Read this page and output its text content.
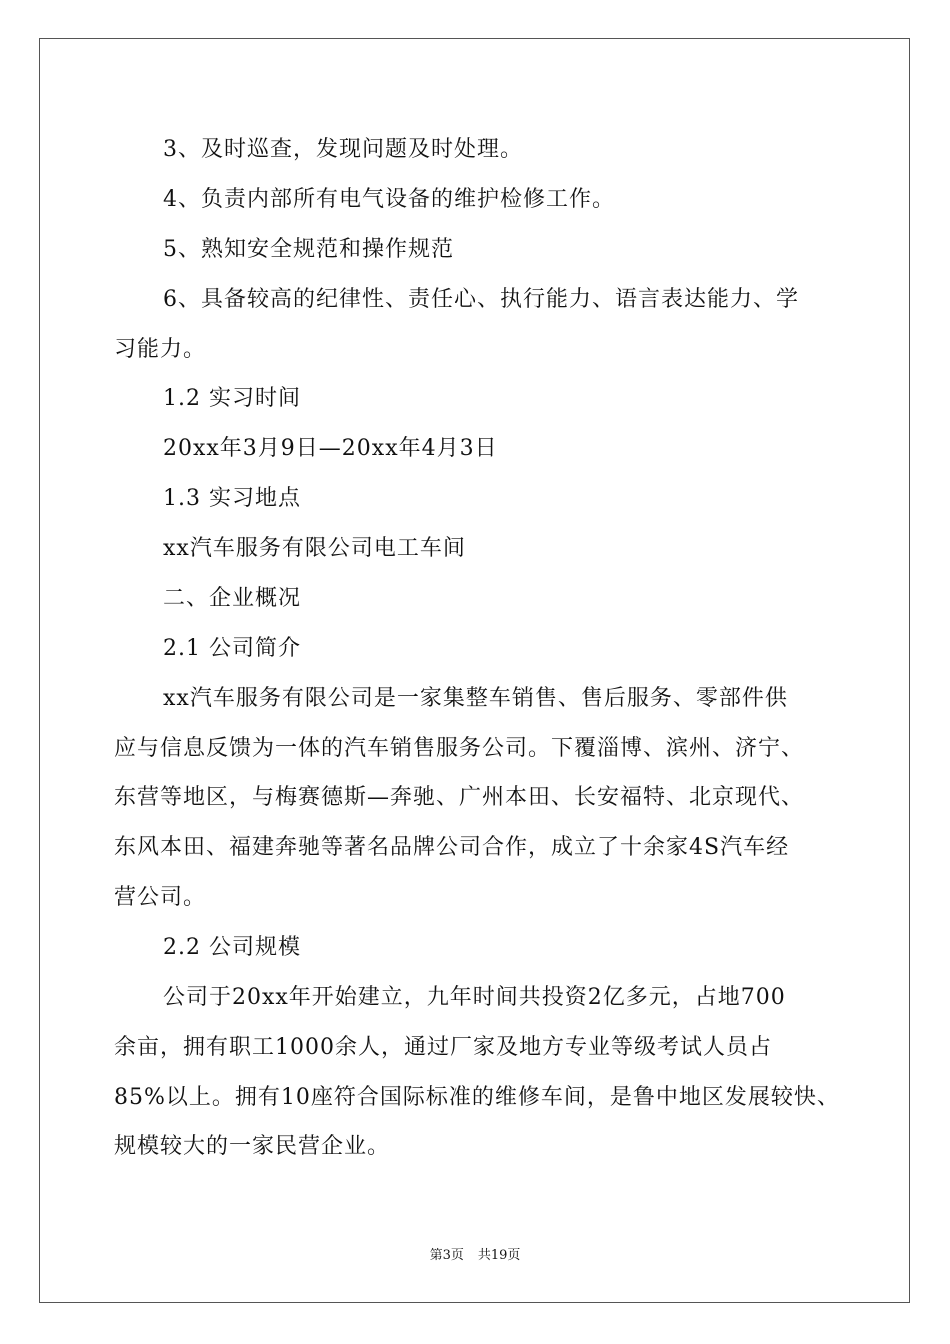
3、及时巡查，发现问题及时处理。
4、负责内部所有电气设备的维护检修工作。
5、熟知安全规范和操作规范
6、具备较高的纪律性、责任心、执行能力、语言表达能力、学
习能力。
1.2 实习时间
20xx年3月9日—20xx年4月3日
1.3 实习地点
xx汽车服务有限公司电工车间
二、企业概况
2.1 公司简介
xx汽车服务有限公司是一家集整车销售、售后服务、零部件供
应与信息反馈为一体的汽车销售服务公司。下覆淄博、滨州、济宁、
东营等地区，与梅赛德斯—奔驰、广州本田、长安福特、北京现代、
东风本田、福建奔驰等著名品牌公司合作，成立了十余家4S汽车经
营公司。
2.2 公司规模
公司于20xx年开始建立，九年时间共投资2亿多元，占地700
余亩，拥有职工1000余人，通过厂家及地方专业等级考试人员占
85%以上。拥有10座符合国际标准的维修车间，是鲁中地区发展较快、
规模较大的一家民营企业。
第3页 共19页
